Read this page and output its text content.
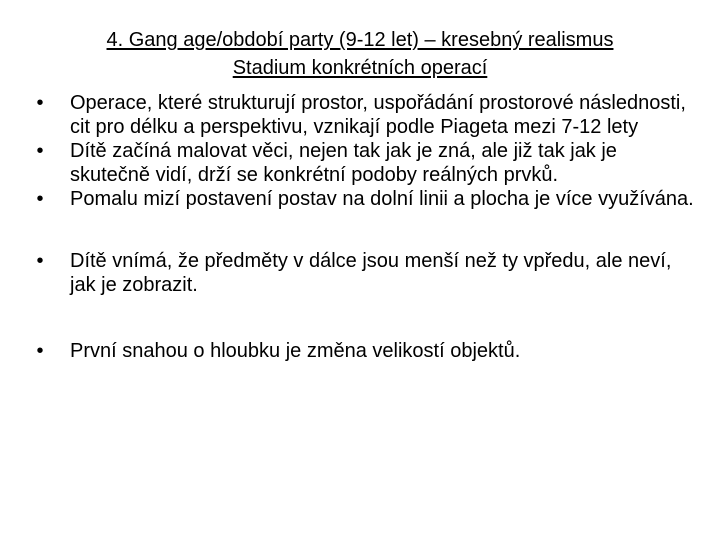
4. Gang age/období party (9-12 let) – kresebný realismus
Stadium konkrétních operací
•	Operace, které strukturují prostor, uspořádání prostorové následnosti, cit pro délku a perspektivu, vznikají podle Piageta mezi 7-12 lety
•	Dítě začíná malovat věci, nejen tak jak je zná, ale již tak jak je skutečně vidí, drží se konkrétní podoby reálných prvků.
•	Pomalu mizí postavení postav na dolní linii a plocha je více využívána.
•	Dítě vnímá, že předměty v dálce jsou menší než ty vpředu, ale neví, jak je zobrazit.
•	První snahou o hloubku je změna velikostí objektů.
